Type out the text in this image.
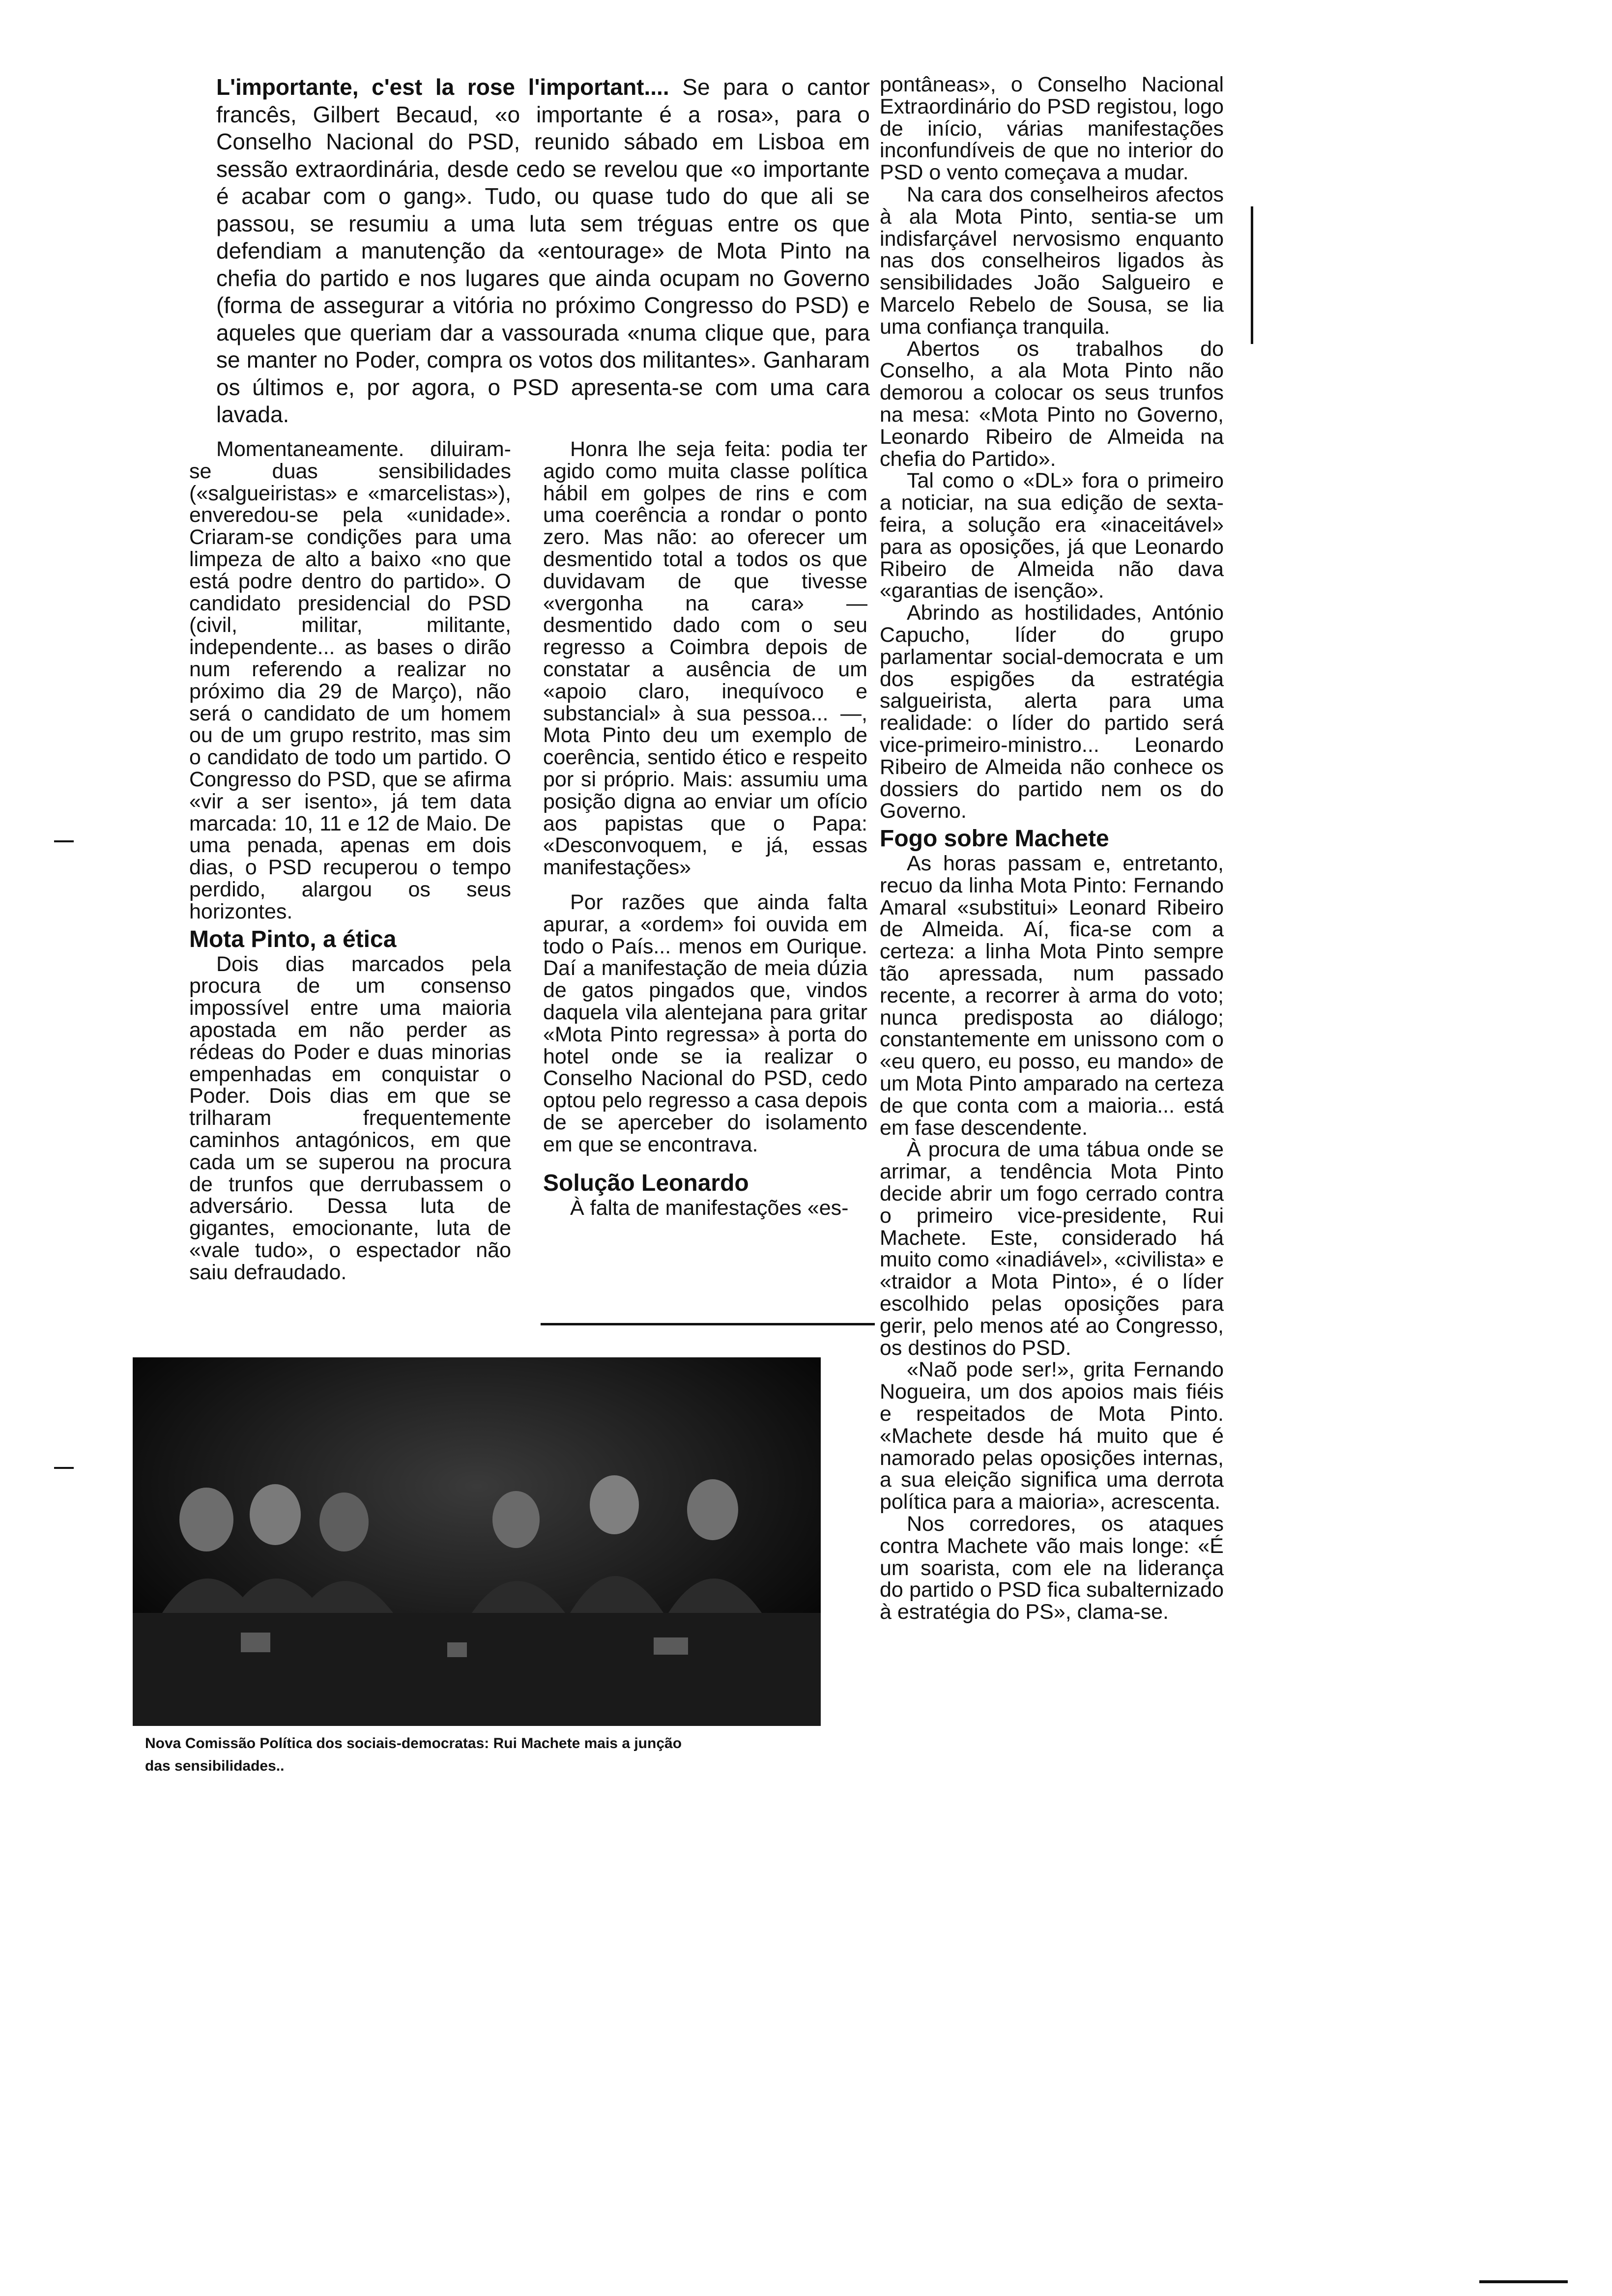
L'importante, c'est la rose l'important.... Se para o cantor francês, Gilbert Becaud, «o importante é a rosa», para o Conselho Nacional do PSD, reunido sábado em Lisboa em sessão extraordinária, desde cedo se revelou que «o importante é acabar com o gang». Tudo, ou quase tudo do que ali se passou, se resumiu a uma luta sem tréguas entre os que defendiam a manutenção da «entourage» de Mota Pinto na chefia do partido e nos lugares que ainda ocupam no Governo (forma de assegurar a vitória no próximo Congresso do PSD) e aqueles que queriam dar a vassourada «numa clique que, para se manter no Poder, compra os votos dos militantes». Ganharam os últimos e, por agora, o PSD apresenta-se com uma cara lavada.

Momentaneamente. diluiram-se duas sensibilidades («salgueiristas» e «marcelistas»), enveredou-se pela «unidade». Criaram-se condições para uma limpeza de alto a baixo «no que está podre dentro do partido». O candidato presidencial do PSD (civil, militar, militante, independente... as bases o dirão num referendo a realizar no próximo dia 29 de Março), não será o candidato de um homem ou de um grupo restrito, mas sim o candidato de todo um partido. O Congresso do PSD, que se afirma «vir a ser isento», já tem data marcada: 10, 11 e 12 de Maio. De uma penada, apenas em dois dias, o PSD recuperou o tempo perdido, alargou os seus horizontes.

Mota Pinto, a ética

Dois dias marcados pela procura de um consenso impossível entre uma maioria apostada em não perder as rédeas do Poder e duas minorias empenhadas em conquistar o Poder. Dois dias em que se trilharam frequentemente caminhos antagónicos, em que cada um se superou na procura de trunfos que derrubassem o adversário. Dessa luta de gigantes, emocionante, luta de «vale tudo», o espectador não saiu defraudado.

Honra lhe seja feita: podia ter agido como muita classe política hábil em golpes de rins e com uma coerência a rondar o ponto zero. Mas não: ao oferecer um desmentido total a todos os que duvidavam de que tivesse «vergonha na cara» — desmentido dado com o seu regresso a Coimbra depois de constatar a ausência de um «apoio claro, inequívoco e substancial» à sua pessoa... —, Mota Pinto deu um exemplo de coerência, sentido ético e respeito por si próprio. Mais: assumiu uma posição digna ao enviar um ofício aos papistas que o Papa: «Desconvoquem, e já, essas manifestações»

Por razões que ainda falta apurar, a «ordem» foi ouvida em todo o País... menos em Ourique. Daí a manifestação de meia dúzia de gatos pingados que, vindos daquela vila alentejana para gritar «Mota Pinto regressa» à porta do hotel onde se ia realizar o Conselho Nacional do PSD, cedo optou pelo regresso a casa depois de se aperceber do isolamento em que se encontrava.

Solução Leonardo

À falta de manifestações «es-

pontâneas», o Conselho Nacional Extraordinário do PSD registou, logo de início, várias manifestações inconfundíveis de que no interior do PSD o vento começava a mudar.

Na cara dos conselheiros afectos à ala Mota Pinto, sentia-se um indisfarçável nervosismo enquanto nas dos conselheiros ligados às sensibilidades João Salgueiro e Marcelo Rebelo de Sousa, se lia uma confiança tranquila.

Abertos os trabalhos do Conselho, a ala Mota Pinto não demorou a colocar os seus trunfos na mesa: «Mota Pinto no Governo, Leonardo Ribeiro de Almeida na chefia do Partido».

Tal como o «DL» fora o primeiro a noticiar, na sua edição de sexta-feira, a solução era «inaceitável» para as oposições, já que Leonardo Ribeiro de Almeida não dava «garantias de isenção».

Abrindo as hostilidades, António Capucho, líder do grupo parlamentar social-democrata e um dos espigões da estratégia salgueirista, alerta para uma realidade: o líder do partido será vice-primeiro-ministro... Leonardo Ribeiro de Almeida não conhece os dossiers do partido nem os do Governo.

Fogo sobre Machete

As horas passam e, entretanto, recuo da linha Mota Pinto: Fernando Amaral «substitui» Leonard Ribeiro de Almeida. Aí, fica-se com a certeza: a linha Mota Pinto sempre tão apressada, num passado recente, a recorrer à arma do voto; nunca predisposta ao diálogo; constantemente em unissono com o «eu quero, eu posso, eu mando» de um Mota Pinto amparado na certeza de que conta com a maioria... está em fase descendente.

À procura de uma tábua onde se arrimar, a tendência Mota Pinto decide abrir um fogo cerrado contra o primeiro vice-presidente, Rui Machete. Este, considerado há muito como «inadiável», «civilista» e «traidor a Mota Pinto», é o líder escolhido pelas oposições para gerir, pelo menos até ao Congresso, os destinos do PSD.

«Naõ pode ser!», grita Fernando Nogueira, um dos apoios mais fiéis e respeitados de Mota Pinto. «Machete desde há muito que é namorado pelas oposições internas, a sua eleição significa uma derrota política para a maioria», acrescenta.

Nos corredores, os ataques contra Machete vão mais longe: «É um soarista, com ele na liderança do partido o PSD fica subalternizado à estratégia do PS», clama-se.

Nova Comissão Política dos sociais-democratas: Rui Machete mais a junção
das sensibilidades..
